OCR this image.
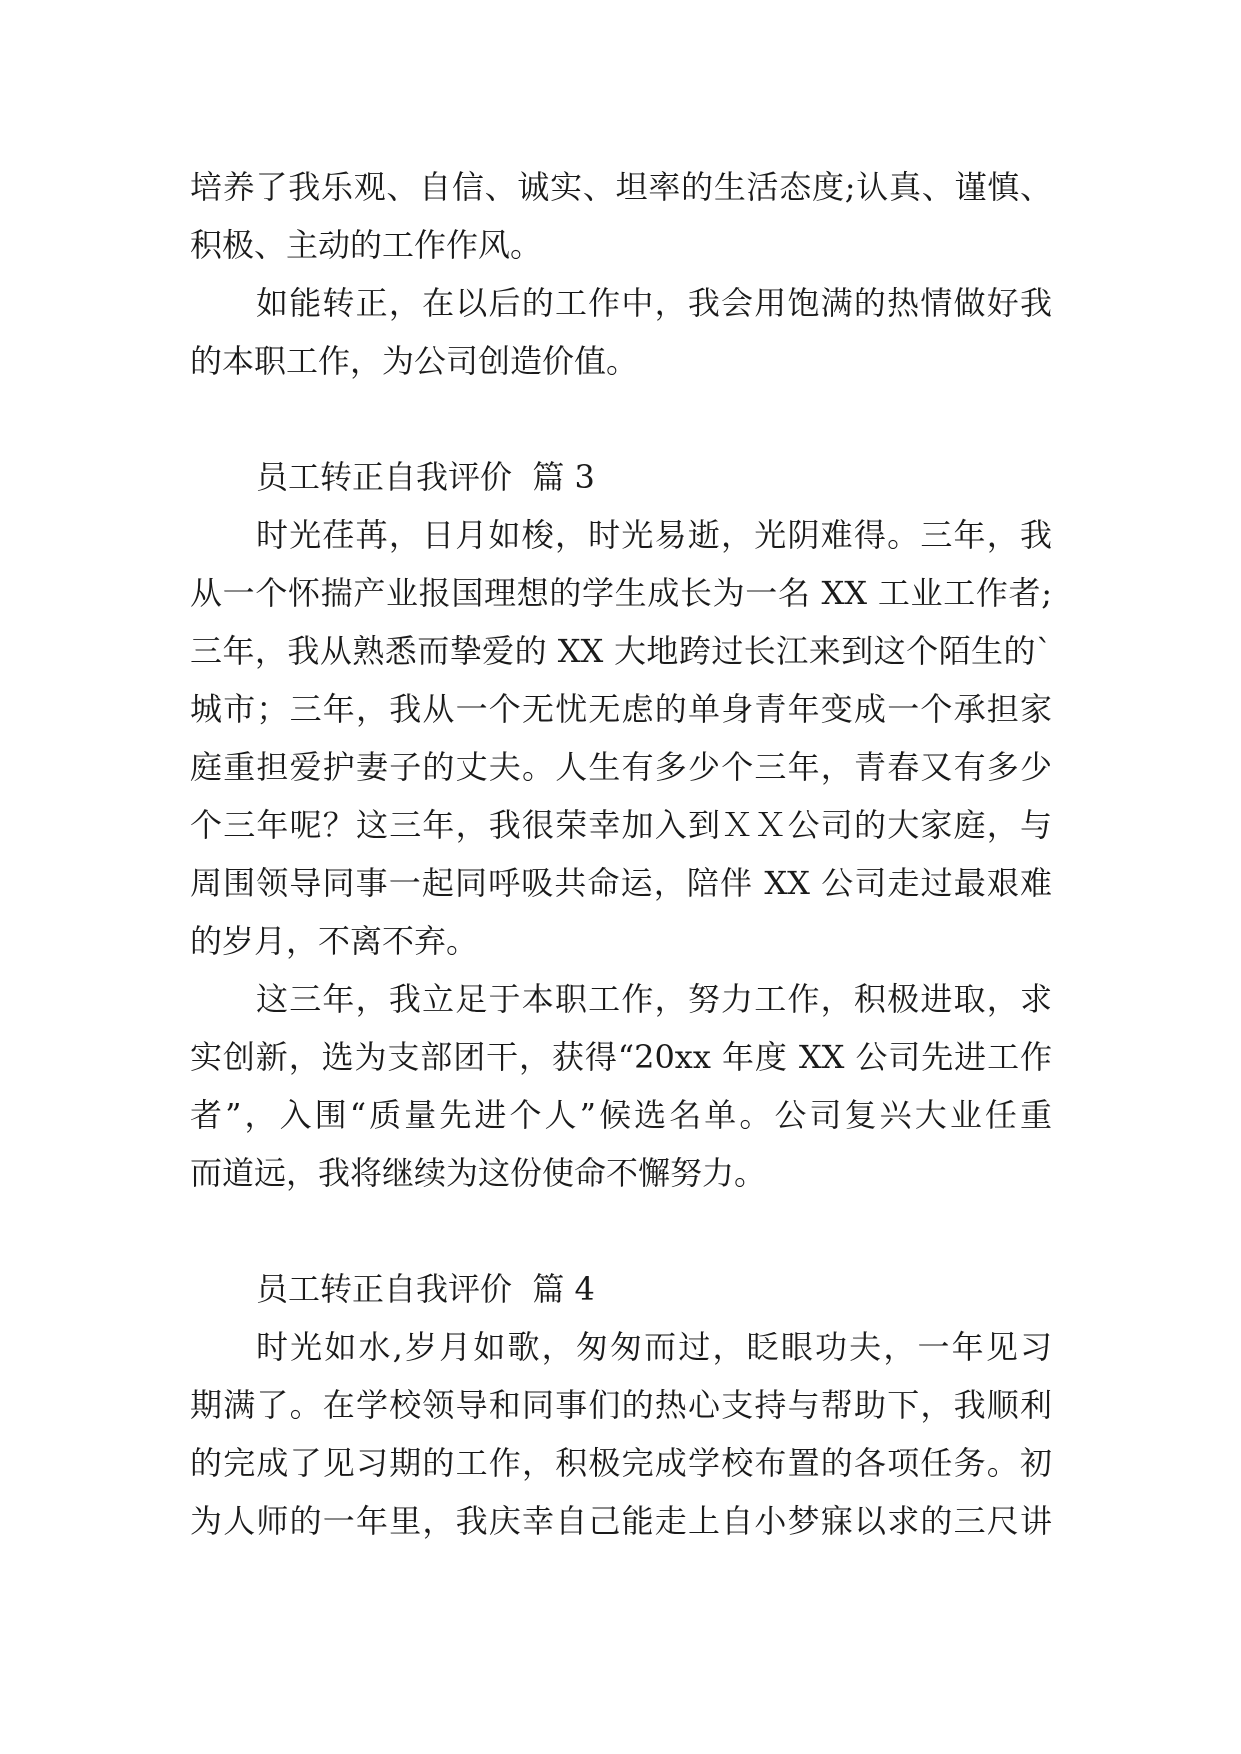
培养了我乐观、自信、诚实、坦率的生活态度;认真、谨慎、
积极、主动的工作作风。
如能转正，在以后的工作中，我会用饱满的热情做好我
的本职工作，为公司创造价值。
员工转正自我评价  篇 3
时光荏苒，日月如梭，时光易逝，光阴难得。三年，我
从一个怀揣产业报国理想的学生成长为一名 XX 工业工作者;
三年，我从熟悉而挚爱的 XX 大地跨过长江来到这个陌生的`
城市；三年，我从一个无忧无虑的单身青年变成一个承担家
庭重担爱护妻子的丈夫。人生有多少个三年，青春又有多少
个三年呢？这三年，我很荣幸加入到ＸＸ公司的大家庭，与
周围领导同事一起同呼吸共命运，陪伴 XX 公司走过最艰难
的岁月，不离不弃。
这三年，我立足于本职工作，努力工作，积极进取，求
实创新，选为支部团干，获得“20xx 年度 XX 公司先进工作
者”，入围“质量先进个人”候选名单。公司复兴大业任重
而道远，我将继续为这份使命不懈努力。
员工转正自我评价  篇 4
时光如水,岁月如歌，匆匆而过，眨眼功夫，一年见习
期满了。在学校领导和同事们的热心支持与帮助下，我顺利
的完成了见习期的工作，积极完成学校布置的各项任务。初
为人师的一年里，我庆幸自己能走上自小梦寐以求的三尺讲
